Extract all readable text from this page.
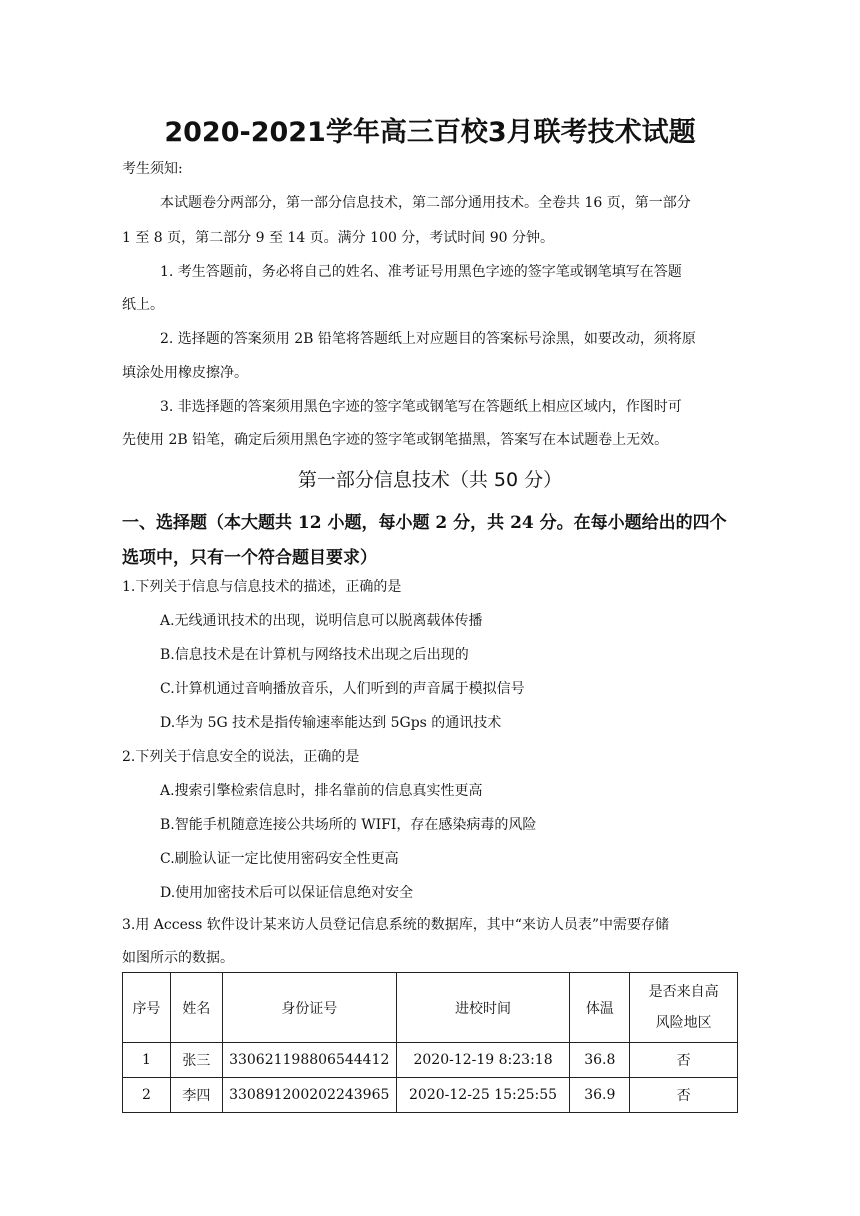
2020-2021学年高三百校3月联考技术试题
考生须知:
本试题卷分两部分，第一部分信息技术，第二部分通用技术。全卷共 16 页，第一部分
1 至 8 页，第二部分 9 至 14 页。满分 100 分，考试时间 90 分钟。
1. 考生答题前，务必将自己的姓名、准考证号用黑色字迹的签字笔或钢笔填写在答题
纸上。
2. 选择题的答案须用 2B 铅笔将答题纸上对应题目的答案标号涂黑，如要改动，须将原
填涂处用橡皮擦净。
3. 非选择题的答案须用黑色字迹的签字笔或钢笔写在答题纸上相应区域内，作图时可
先使用 2B 铅笔，确定后须用黑色字迹的签字笔或钢笔描黑，答案写在本试题卷上无效。
第一部分信息技术（共 50 分）
一、选择题（本大题共 12 小题，每小题 2 分，共 24 分。在每小题给出的四个
选项中，只有一个符合题目要求）
1.下列关于信息与信息技术的描述，正确的是
A.无线通讯技术的出现，说明信息可以脱离载体传播
B.信息技术是在计算机与网络技术出现之后出现的
C.计算机通过音响播放音乐，人们听到的声音属于模拟信号
D.华为 5G 技术是指传输速率能达到 5Gps 的通讯技术
2.下列关于信息安全的说法，正确的是
A.搜索引擎检索信息时，排名靠前的信息真实性更高
B.智能手机随意连接公共场所的 WIFI，存在感染病毒的风险
C.刷脸认证一定比使用密码安全性更高
D.使用加密技术后可以保证信息绝对安全
3.用 Access 软件设计某来访人员登记信息系统的数据库，其中“来访人员表”中需要存储
如图所示的数据。
序号	姓名	身份证号	进校时间	体温	是否来自高
风险地区

1	张三	330621198806544412	2020-12-19 8:23:18	36.8	否
2	李四	330891200202243965	2020-12-25 15:25:55	36.9	否
